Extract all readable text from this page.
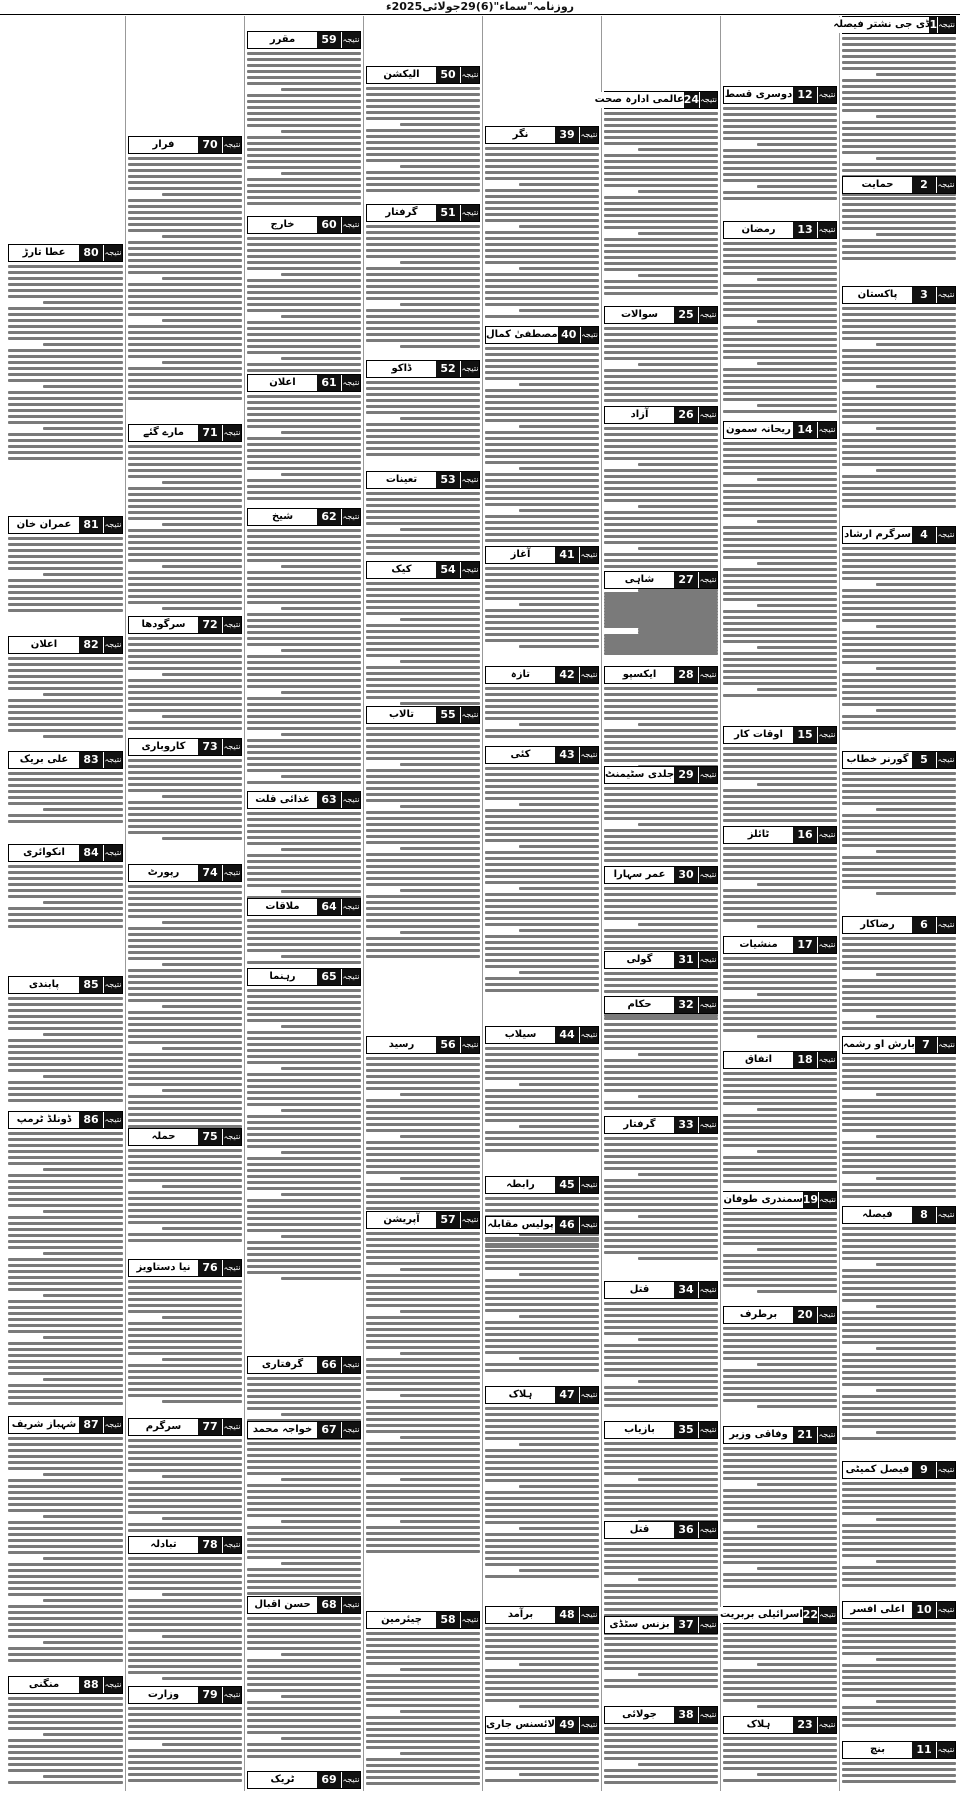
روزنامہ"سماء"(6)29جولائی2025ء
نتیجہ
1
ڈی جی نشتر فیصلہ
نتیجہ
2
حمایت
نتیجہ
3
پاکستان
نتیجہ
4
سرگرم ارشاد
نتیجہ
5
گورنر خطاب
نتیجہ
6
رضاکار
نتیجہ
7
بارش او رشمہ
نتیجہ
8
فیصلہ
نتیجہ
9
فیصل کمیٹی
نتیجہ
10
اعلی افسر
نتیجہ
11
بنچ
نتیجہ
12
دوسری قسط
نتیجہ
13
رمضان
نتیجہ
14
ریحانہ سمون
نتیجہ
15
اوقات کار
نتیجہ
16
ٹائلز
نتیجہ
17
منشیات
نتیجہ
18
اتفاق
نتیجہ
19
سمندری طوفان
نتیجہ
20
برطرف
نتیجہ
21
وفاقی وزیر
نتیجہ
22
اسرائیلی بربریت
نتیجہ
23
ہلاک
نتیجہ
24
عالمی ادارہ صحت
نتیجہ
25
سوالات
نتیجہ
26
آزاد
نتیجہ
27
شاہی
نتیجہ
28
ایکسپو
نتیجہ
29
جلدی سٹیمنٹ
نتیجہ
30
عمر سہارا
نتیجہ
31
گولی
نتیجہ
32
حکام
نتیجہ
33
گرفتار
نتیجہ
34
قتل
نتیجہ
35
بازیاب
نتیجہ
36
قتل
نتیجہ
37
بزنس سٹڈی
نتیجہ
38
جولائی
نتیجہ
39
نگر
نتیجہ
40
مصطفیٰ کمال
نتیجہ
41
آغاز
نتیجہ
42
تازہ
نتیجہ
43
کئی
نتیجہ
44
سیلاب
نتیجہ
45
رابطہ
نتیجہ
46
پولیس مقابلہ
نتیجہ
47
ہلاک
نتیجہ
48
برآمد
نتیجہ
49
لائسنس جاری
نتیجہ
50
الیکشن
نتیجہ
51
گرفتار
نتیجہ
52
ڈاکو
نتیجہ
53
تعینات
نتیجہ
54
کیک
نتیجہ
55
تالاب
نتیجہ
56
رسید
نتیجہ
57
آپریشن
نتیجہ
58
چیئرمین
نتیجہ
59
مقرر
نتیجہ
60
خارج
نتیجہ
61
اعلان
نتیجہ
62
شیخ
نتیجہ
63
غذائی قلت
نتیجہ
64
ملاقات
نتیجہ
65
رہنما
نتیجہ
66
گرفتاری
نتیجہ
67
خواجہ محمد
نتیجہ
68
حسن اقبال
نتیجہ
69
ٹریک
نتیجہ
70
فرار
نتیجہ
71
مارے گئے
نتیجہ
72
سرگودھا
نتیجہ
73
کاروباری
نتیجہ
74
رپورٹ
نتیجہ
75
حملہ
نتیجہ
76
نیا دستاویز
نتیجہ
77
سرگرم
نتیجہ
78
تبادلہ
نتیجہ
79
وزارت
نتیجہ
80
عطا تارڑ
نتیجہ
81
عمران خان
نتیجہ
82
اعلان
نتیجہ
83
علی بریک
نتیجہ
84
انکوائری
نتیجہ
85
پابندی
نتیجہ
86
ڈونلڈ ٹرمپ
نتیجہ
87
شہباز شریف
نتیجہ
88
منگنی
